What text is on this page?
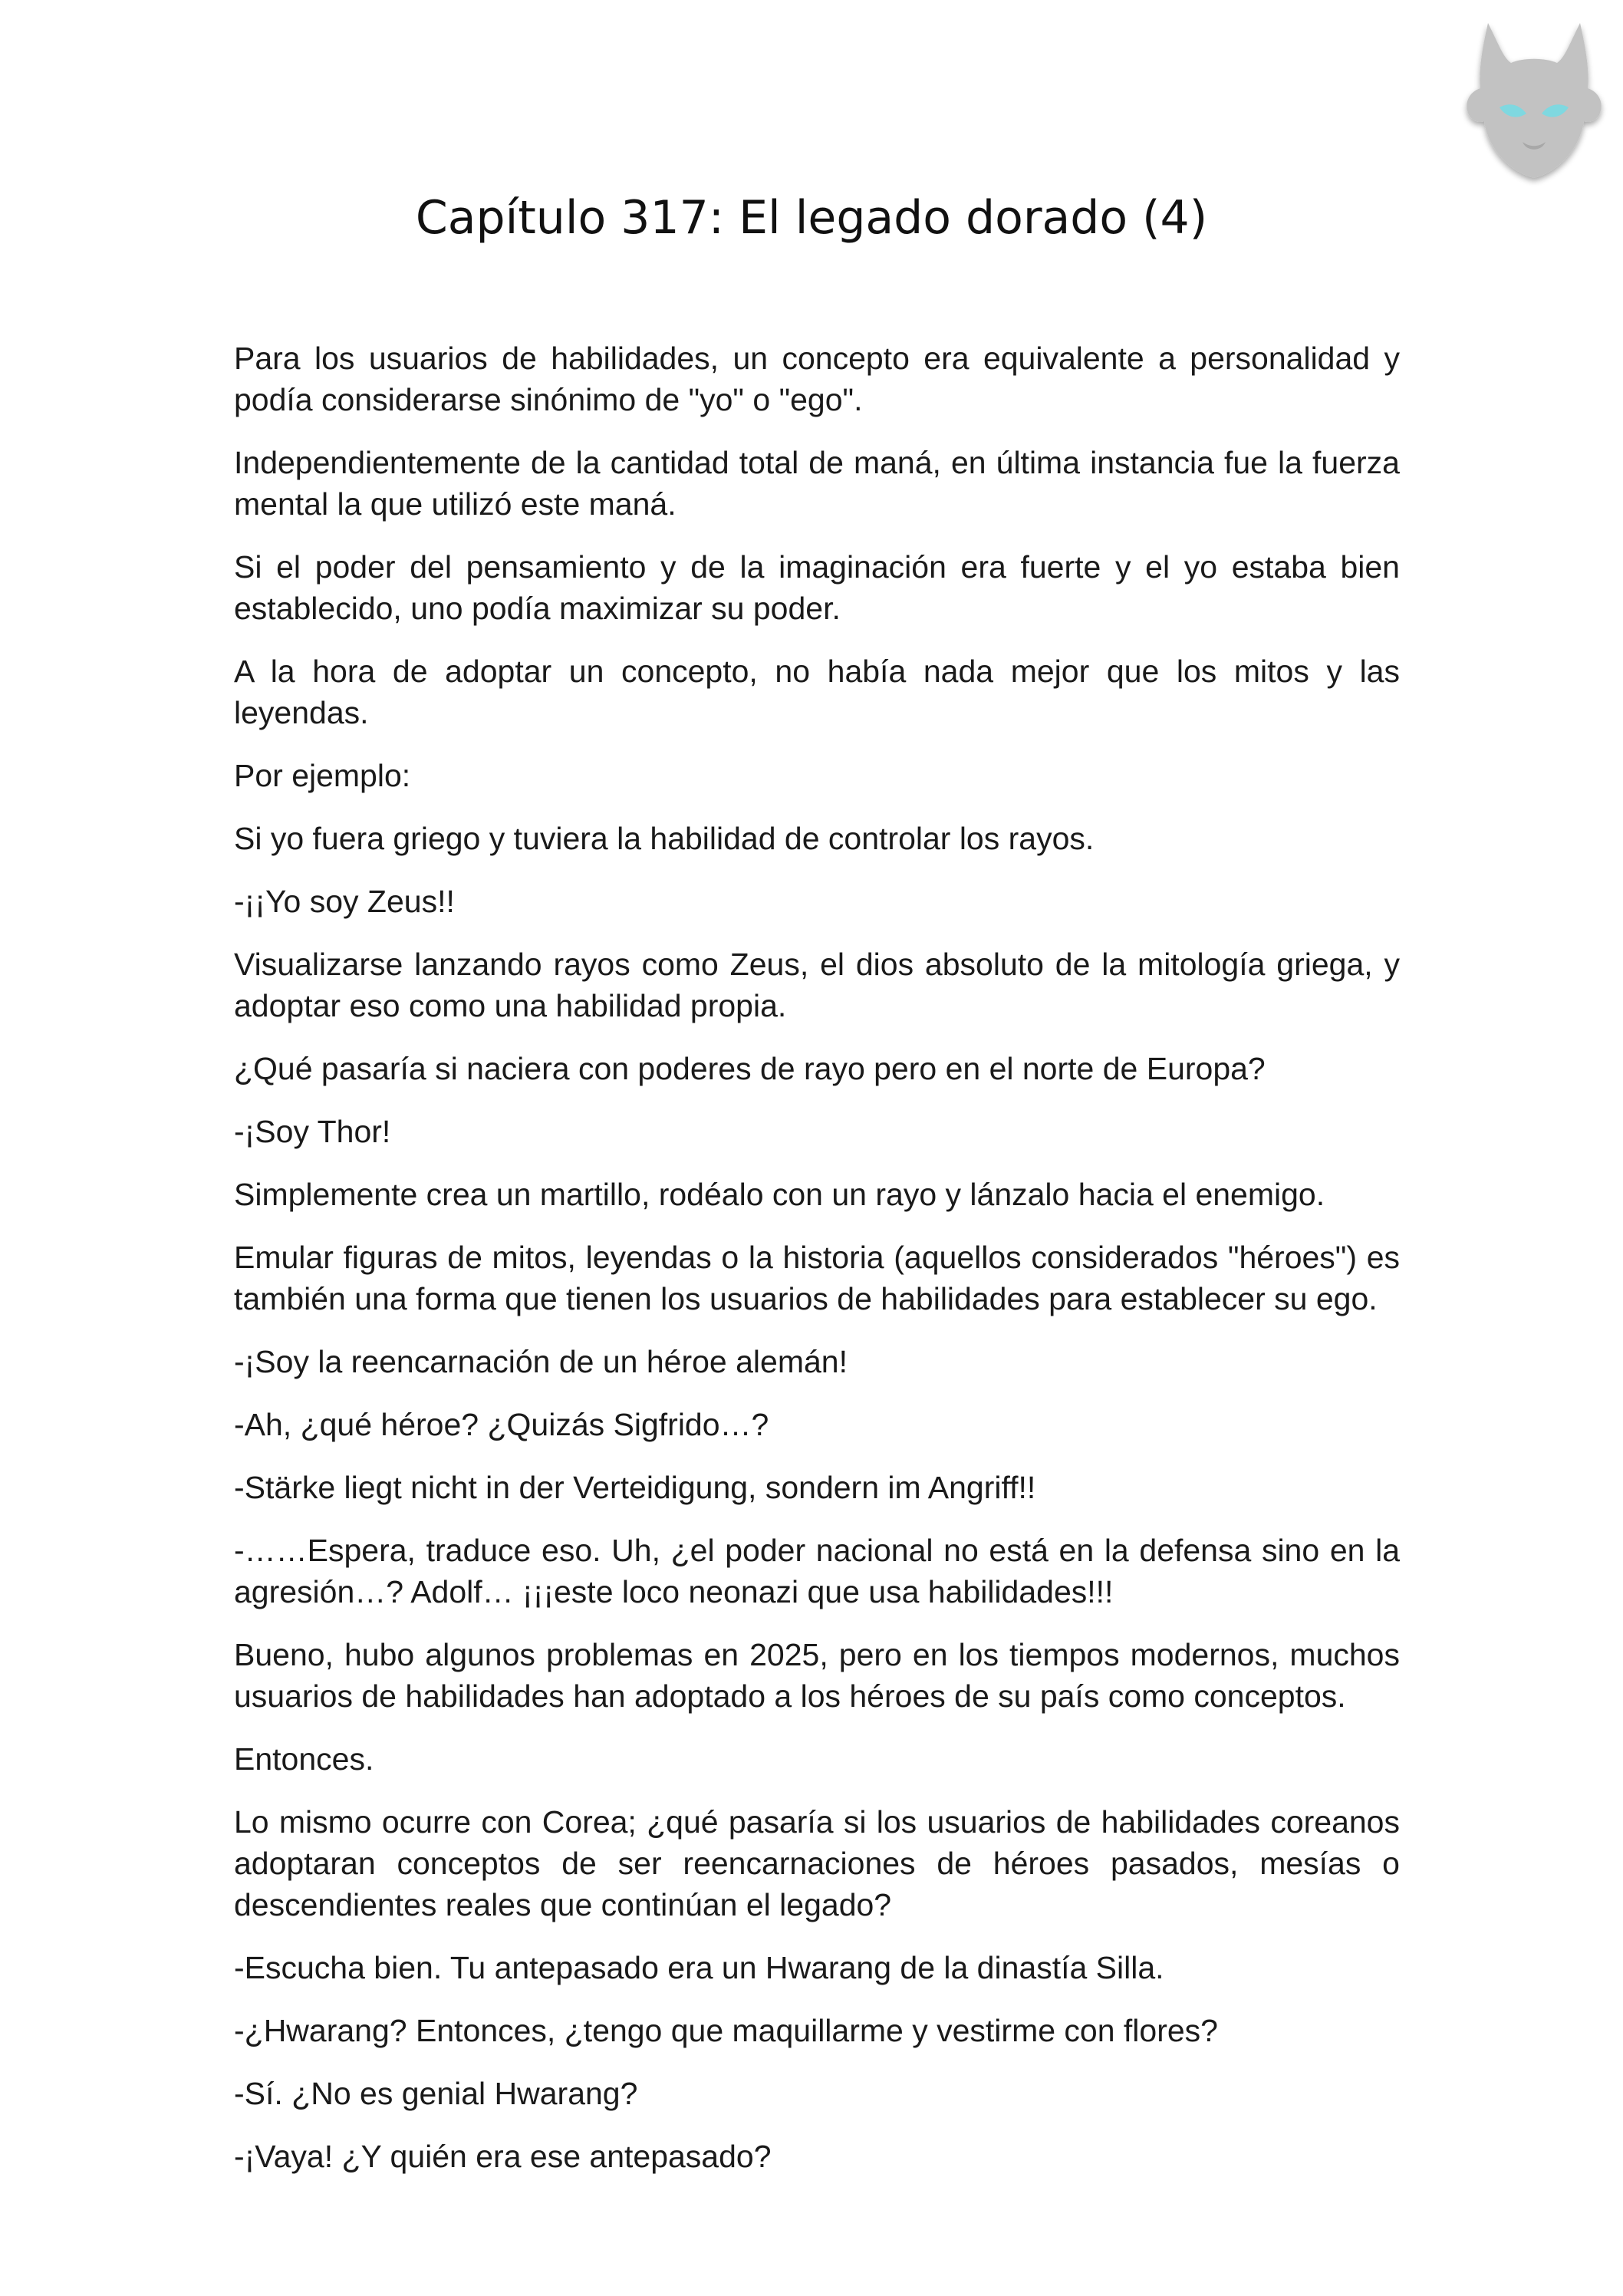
Capítulo 317: El legado dorado (4)

Para los usuarios de habilidades, un concepto era equivalente a personalidad y podía considerarse sinónimo de "yo" o "ego".

Independientemente de la cantidad total de maná, en última instancia fue la fuerza mental la que utilizó este maná.

Si el poder del pensamiento y de la imaginación era fuerte y el yo estaba bien establecido, uno podía maximizar su poder.

A la hora de adoptar un concepto, no había nada mejor que los mitos y las leyendas.

Por ejemplo:

Si yo fuera griego y tuviera la habilidad de controlar los rayos.

-¡¡Yo soy Zeus!!

Visualizarse lanzando rayos como Zeus, el dios absoluto de la mitología griega, y adoptar eso como una habilidad propia.

¿Qué pasaría si naciera con poderes de rayo pero en el norte de Europa?

-¡Soy Thor!

Simplemente crea un martillo, rodéalo con un rayo y lánzalo hacia el enemigo.

Emular figuras de mitos, leyendas o la historia (aquellos considerados "héroes") es también una forma que tienen los usuarios de habilidades para establecer su ego.

-¡Soy la reencarnación de un héroe alemán!

-Ah, ¿qué héroe? ¿Quizás Sigfrido…?

-Stärke liegt nicht in der Verteidigung, sondern im Angriff!!

-……Espera, traduce eso. Uh, ¿el poder nacional no está en la defensa sino en la agresión…? Adolf… ¡¡¡este loco neonazi que usa habilidades!!!

Bueno, hubo algunos problemas en 2025, pero en los tiempos modernos, muchos usuarios de habilidades han adoptado a los héroes de su país como conceptos.

Entonces.

Lo mismo ocurre con Corea; ¿qué pasaría si los usuarios de habilidades coreanos adoptaran conceptos de ser reencarnaciones de héroes pasados, mesías o descendientes reales que continúan el legado?

-Escucha bien. Tu antepasado era un Hwarang de la dinastía Silla.

-¿Hwarang? Entonces, ¿tengo que maquillarme y vestirme con flores?

-Sí. ¿No es genial Hwarang?

-¡Vaya! ¿Y quién era ese antepasado?
